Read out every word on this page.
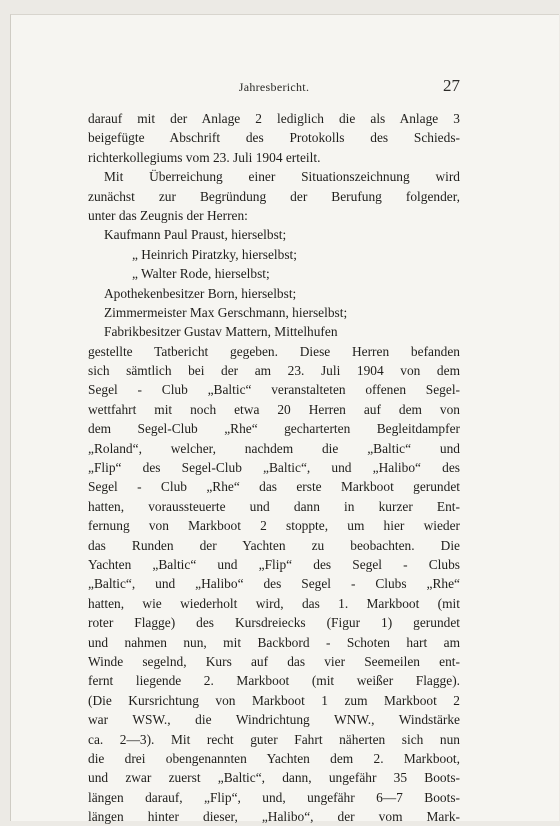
Jahresbericht.	27
darauf mit der Anlage 2 lediglich die als Anlage 3
beigefügte Abschrift des Protokolls des Schieds-
richterkollegiums vom 23. Juli 1904 erteilt.
Mit Überreichung einer Situationszeichnung wird
zunächst zur Begründung der Berufung folgender,
unter das Zeugnis der Herren:
Kaufmann Paul Praust, hierselbst;
„ Heinrich Piratzky, hierselbst;
„ Walter Rode, hierselbst;
Apothekenbesitzer Born, hierselbst;
Zimmermeister Max Gerschmann, hierselbst;
Fabrikbesitzer Gustav Mattern, Mittelhufen
gestellte Tatbericht gegeben. Diese Herren befanden
sich sämtlich bei der am 23. Juli 1904 von dem
Segel - Club „Baltic“ veranstalteten offenen Segel-
wettfahrt mit noch etwa 20 Herren auf dem von
dem Segel-Club „Rhe“ gecharterten Begleitdampfer
„Roland“, welcher, nachdem die „Baltic“ und
„Flip“ des Segel-Club „Baltic“, und „Halibo“ des
Segel - Club „Rhe“ das erste Markboot gerundet
hatten, voraussteuerte und dann in kurzer Ent-
fernung von Markboot 2 stoppte, um hier wieder
das Runden der Yachten zu beobachten. Die
Yachten „Baltic“ und „Flip“ des Segel - Clubs
„Baltic“, und „Halibo“ des Segel - Clubs „Rhe“
hatten, wie wiederholt wird, das 1. Markboot (mit
roter Flagge) des Kursdreiecks (Figur 1) gerundet
und nahmen nun, mit Backbord - Schoten hart am
Winde segelnd, Kurs auf das vier Seemeilen ent-
fernt liegende 2. Markboot (mit weißer Flagge).
(Die Kursrichtung von Markboot 1 zum Markboot 2
war WSW., die Windrichtung WNW., Windstärke
ca. 2—3). Mit recht guter Fahrt näherten sich nun
die drei obengenannten Yachten dem 2. Markboot,
und zwar zuerst „Baltic“, dann, ungefähr 35 Boots-
längen darauf, „Flip“, und, ungefähr 6—7 Boots-
längen hinter dieser, „Halibo“, der vom Mark-
